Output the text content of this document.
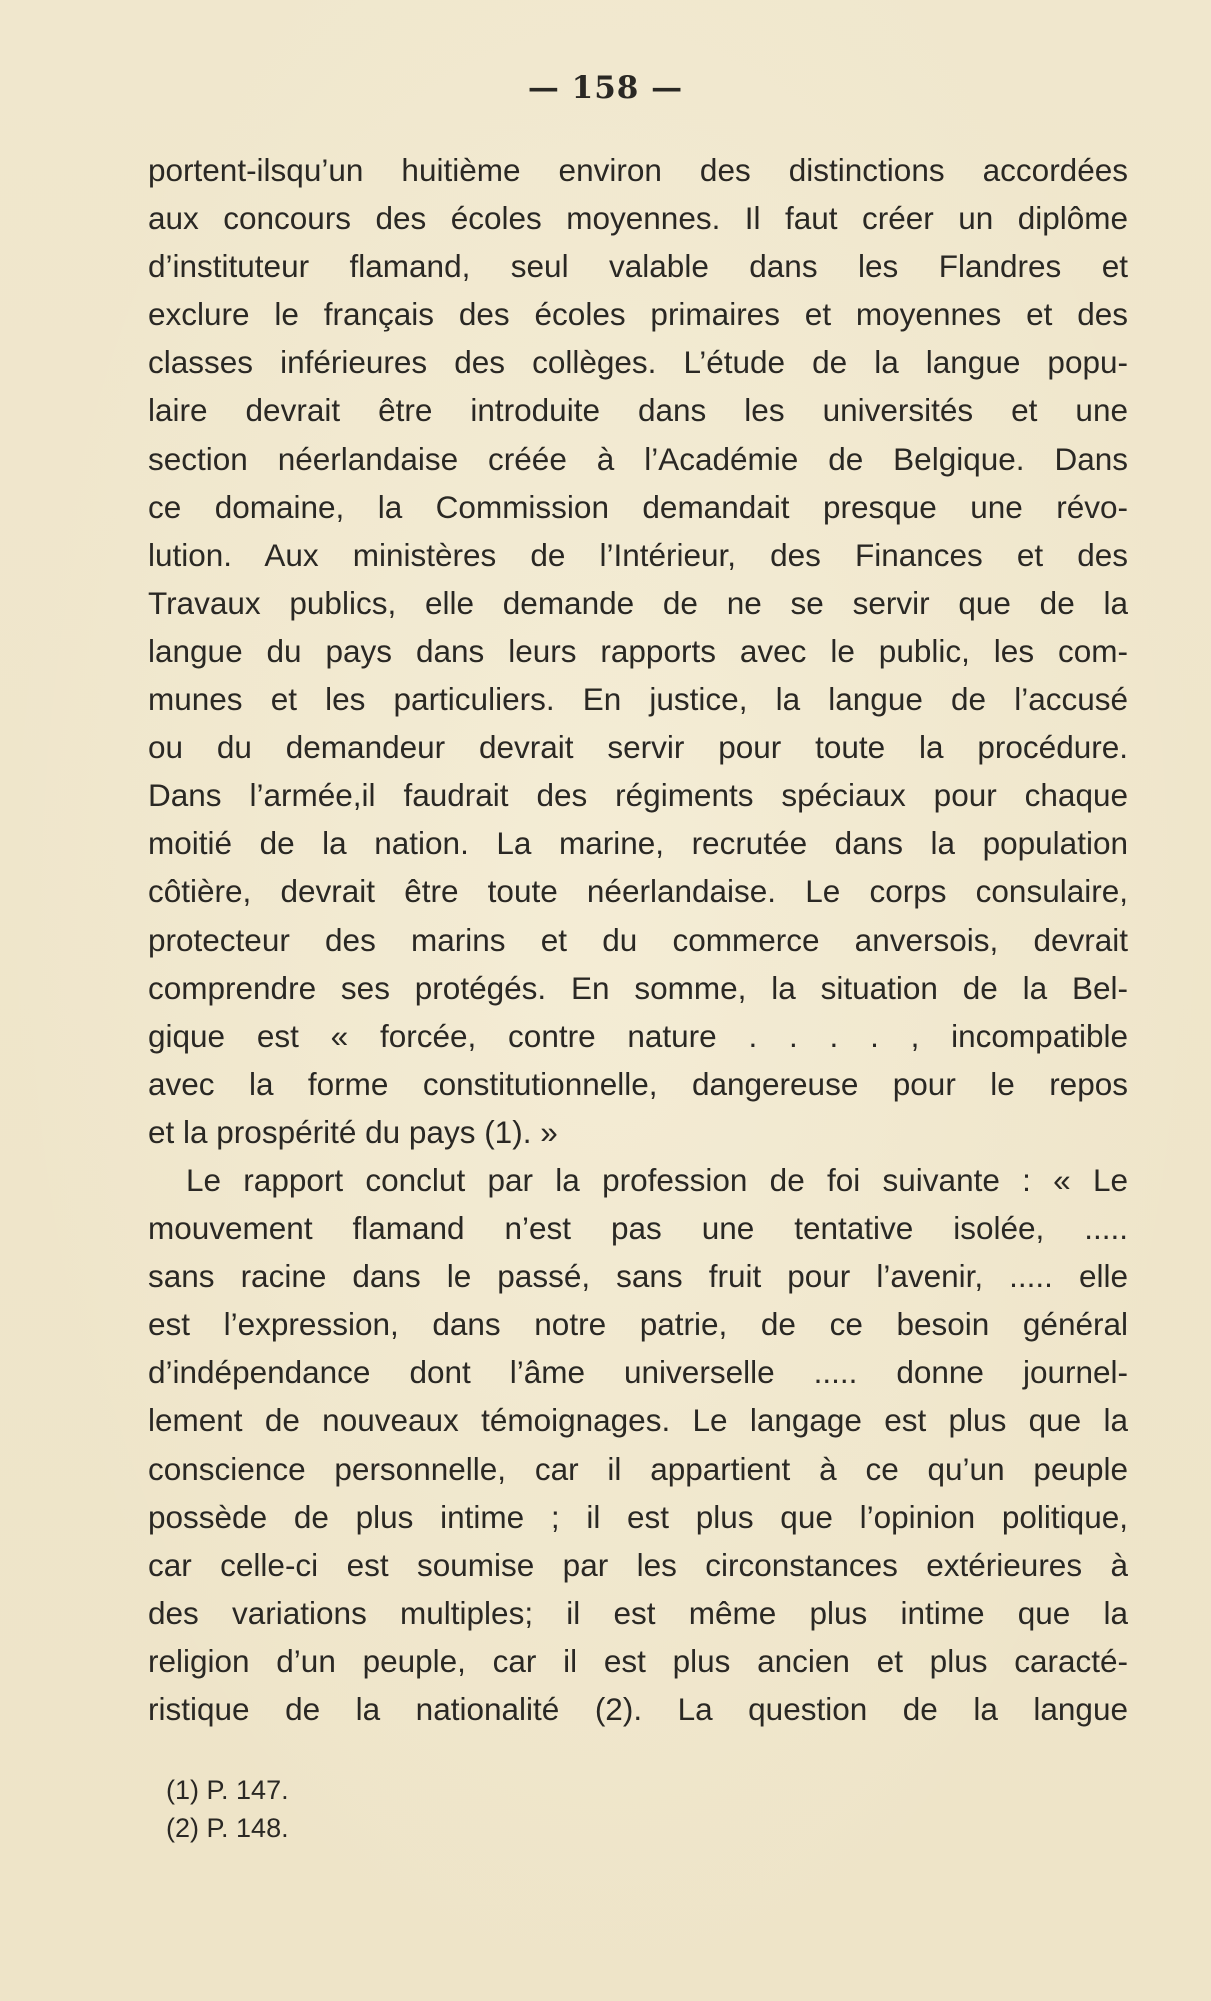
— 158 —
portent-ilsqu’un huitième environ des distinctions accordées
aux concours des écoles moyennes. Il faut créer un diplôme
d’instituteur flamand, seul valable dans les Flandres et
exclure le français des écoles primaires et moyennes et des
classes inférieures des collèges. L’étude de la langue popu-
laire devrait être introduite dans les universités et une
section néerlandaise créée à l’Académie de Belgique. Dans
ce domaine, la Commission demandait presque une révo-
lution. Aux ministères de l’Intérieur, des Finances et des
Travaux publics, elle demande de ne se servir que de la
langue du pays dans leurs rapports avec le public, les com-
munes et les particuliers. En justice, la langue de l’accusé
ou du demandeur devrait servir pour toute la procédure.
Dans l’armée,il faudrait des régiments spéciaux pour chaque
moitié de la nation. La marine, recrutée dans la population
côtière, devrait être toute néerlandaise. Le corps consulaire,
protecteur des marins et du commerce anversois, devrait
comprendre ses protégés. En somme, la situation de la Bel-
gique est « forcée, contre nature . . . . , incompatible
avec la forme constitutionnelle, dangereuse pour le repos
et la prospérité du pays (1). »
Le rapport conclut par la profession de foi suivante : « Le
mouvement flamand n’est pas une tentative isolée, .....
sans racine dans le passé, sans fruit pour l’avenir, ..... elle
est l’expression, dans notre patrie, de ce besoin général
d’indépendance dont l’âme universelle ..... donne journel-
lement de nouveaux témoignages. Le langage est plus que la
conscience personnelle, car il appartient à ce qu’un peuple
possède de plus intime ; il est plus que l’opinion politique,
car celle-ci est soumise par les circonstances extérieures à
des variations multiples; il est même plus intime que la
religion d’un peuple, car il est plus ancien et plus caracté-
ristique de la nationalité (2). La question de la langue
(1) P. 147.
(2) P. 148.
